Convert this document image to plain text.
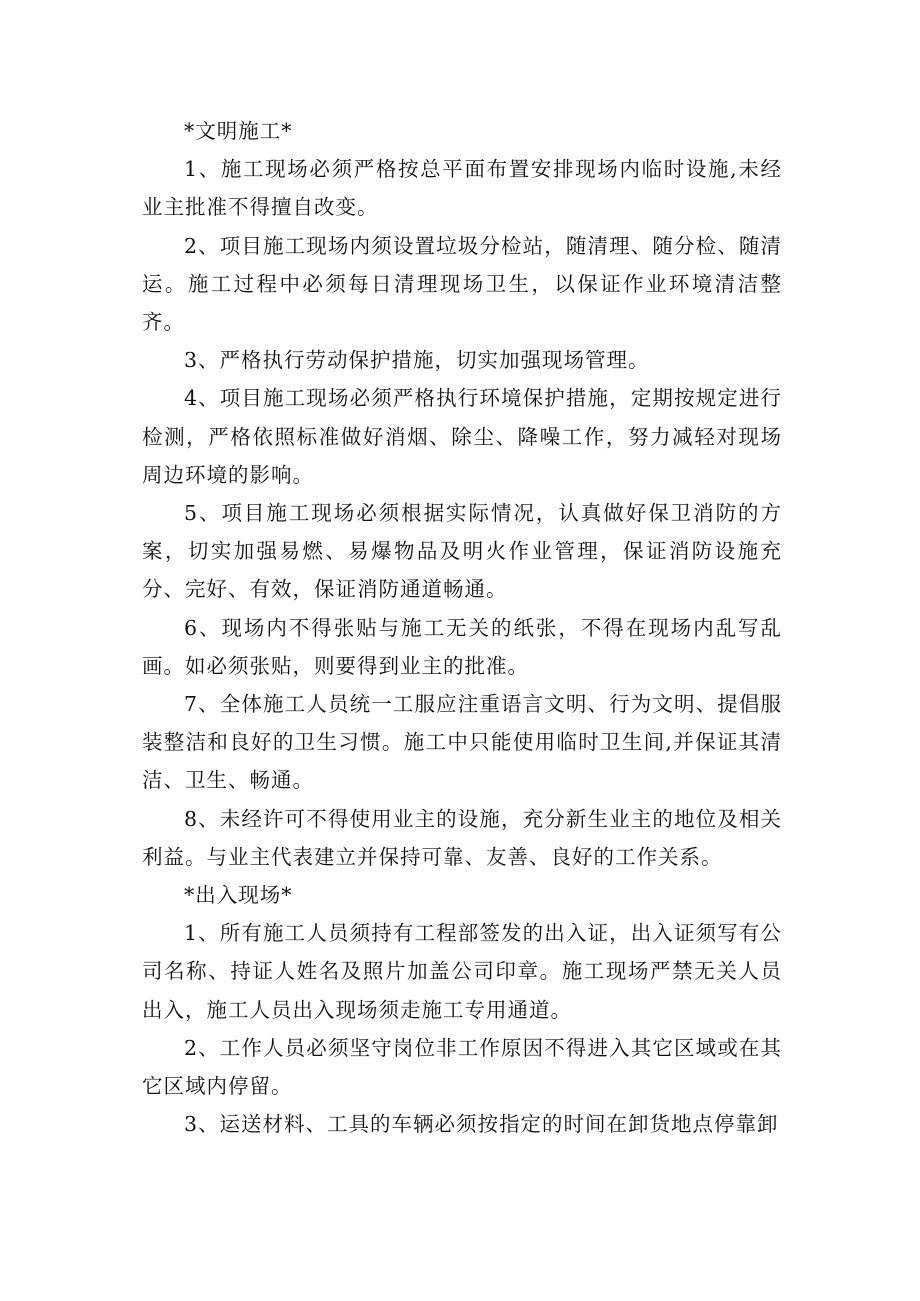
*文明施工*

1、施工现场必须严格按总平面布置安排现场内临时设施,未经业主批准不得擅自改变。

2、项目施工现场内须设置垃圾分检站，随清理、随分检、随清运。施工过程中必须每日清理现场卫生，以保证作业环境清洁整齐。

3、严格执行劳动保护措施，切实加强现场管理。

4、项目施工现场必须严格执行环境保护措施，定期按规定进行检测，严格依照标准做好消烟、除尘、降噪工作，努力减轻对现场周边环境的影响。

5、项目施工现场必须根据实际情况，认真做好保卫消防的方案，切实加强易燃、易爆物品及明火作业管理，保证消防设施充分、完好、有效，保证消防通道畅通。

6、现场内不得张贴与施工无关的纸张，不得在现场内乱写乱画。如必须张贴，则要得到业主的批准。

7、全体施工人员统一工服应注重语言文明、行为文明、提倡服装整洁和良好的卫生习惯。施工中只能使用临时卫生间,并保证其清洁、卫生、畅通。

8、未经许可不得使用业主的设施，充分新生业主的地位及相关利益。与业主代表建立并保持可靠、友善、良好的工作关系。

*出入现场*

1、所有施工人员须持有工程部签发的出入证，出入证须写有公司名称、持证人姓名及照片加盖公司印章。施工现场严禁无关人员出入，施工人员出入现场须走施工专用通道。

2、工作人员必须坚守岗位非工作原因不得进入其它区域或在其它区域内停留。

3、运送材料、工具的车辆必须按指定的时间在卸货地点停靠卸
